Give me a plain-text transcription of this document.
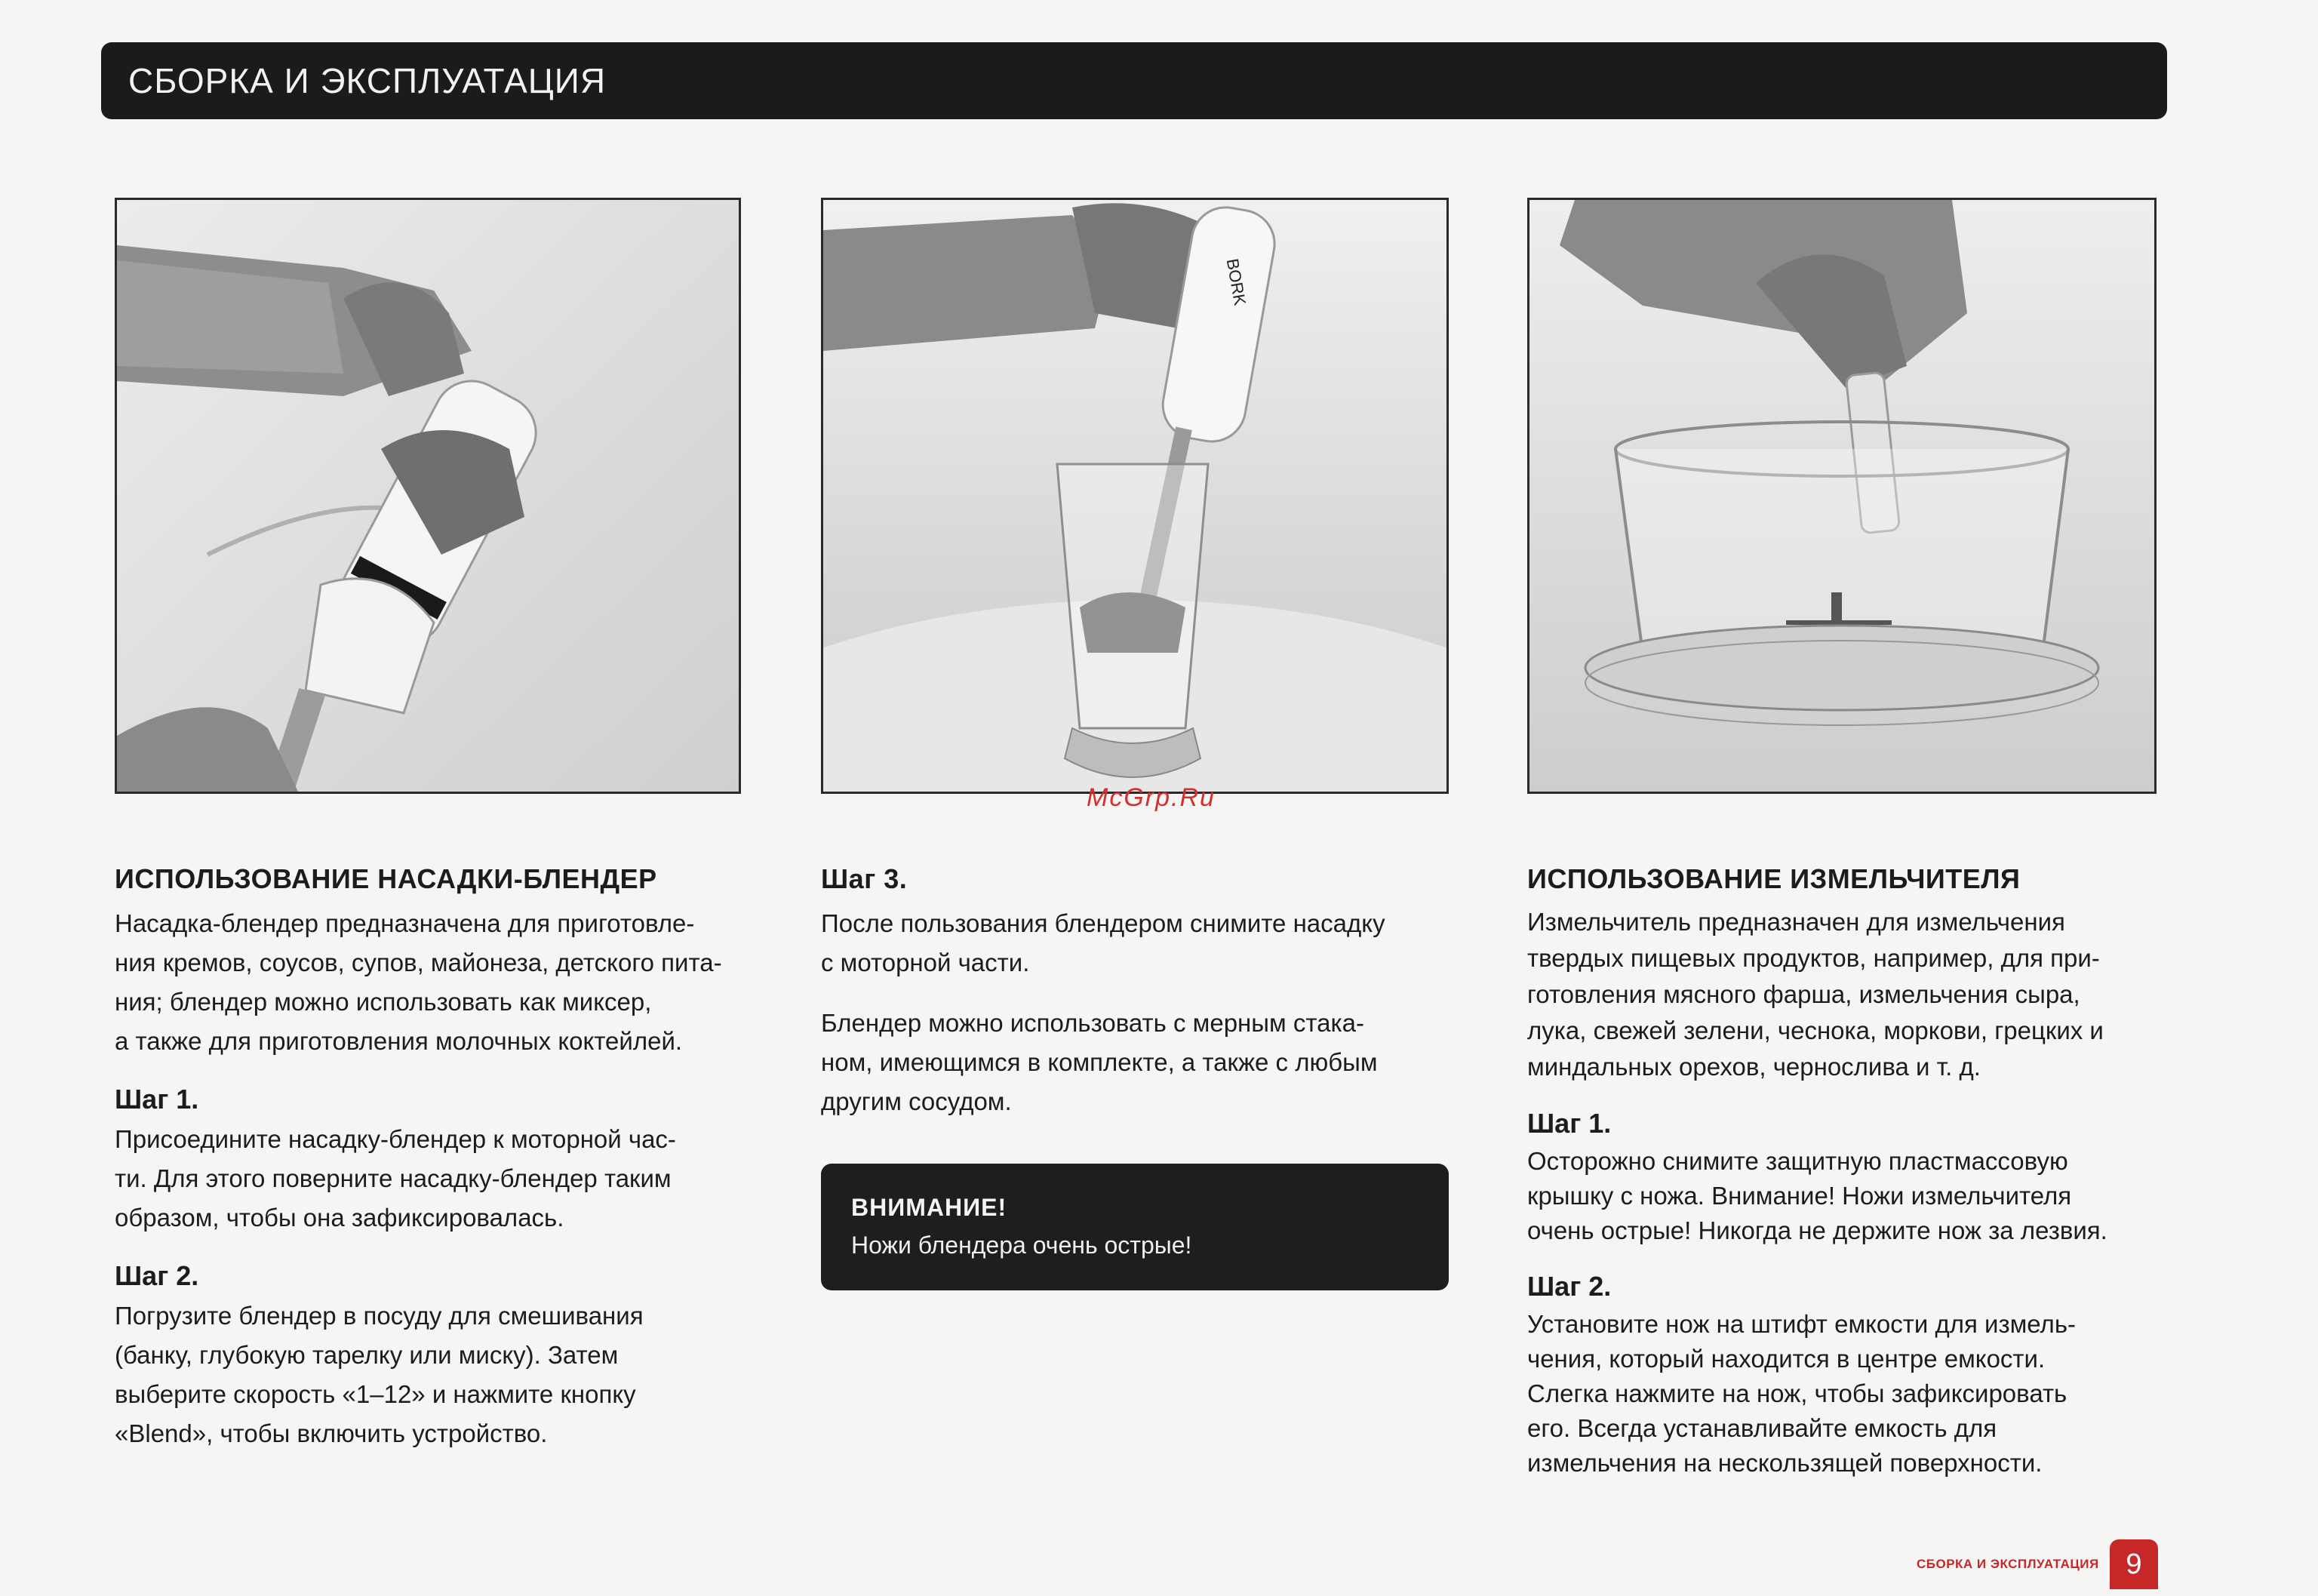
СБОРКА И ЭКСПЛУАТАЦИЯ
BORK
McGrp.Ru
ИСПОЛЬЗОВАНИЕ НАСАДКИ-БЛЕНДЕР

Насадка-блендер предназначена для приготовле-

ния кремов, соусов, супов, майонеза, детского пита-

ния; блендер можно использовать как миксер,

а также для приготовления молочных коктейлей.

Шаг 1.

Присоедините насадку-блендер к моторной час-

ти. Для этого поверните насадку-блендер таким

образом, чтобы она зафиксировалась.

Шаг 2.

Погрузите блендер в посуду для смешивания

(банку, глубокую тарелку или миску). Затем

выберите скорость «1–12» и нажмите кнопку

«Blend», чтобы включить устройство.

Шаг 3.

После пользования блендером снимите насадку

с моторной части.

Блендер можно использовать с мерным стака-

ном, имеющимся в комплекте, а также с любым

другим сосудом.

ВНИМАНИЕ!
Ножи блендера очень острые!
ИСПОЛЬЗОВАНИЕ ИЗМЕЛЬЧИТЕЛЯ

Измельчитель предназначен для измельчения

твердых пищевых продуктов, например, для при-

готовления мясного фарша, измельчения сыра,

лука, свежей зелени, чеснока, моркови, грецких и

миндальных орехов, чернослива и т. д.

Шаг 1.

Осторожно снимите защитную пластмассовую

крышку с ножа. Внимание! Ножи измельчителя

очень острые! Никогда не держите нож за лезвия.

Шаг 2.

Установите нож на штифт емкости для измель-

чения, который находится в центре емкости.

Слегка нажмите на нож, чтобы зафиксировать

его. Всегда устанавливайте емкость для

измельчения на нескользящей поверхности.

СБОРКА И ЭКСПЛУАТАЦИЯ 9
